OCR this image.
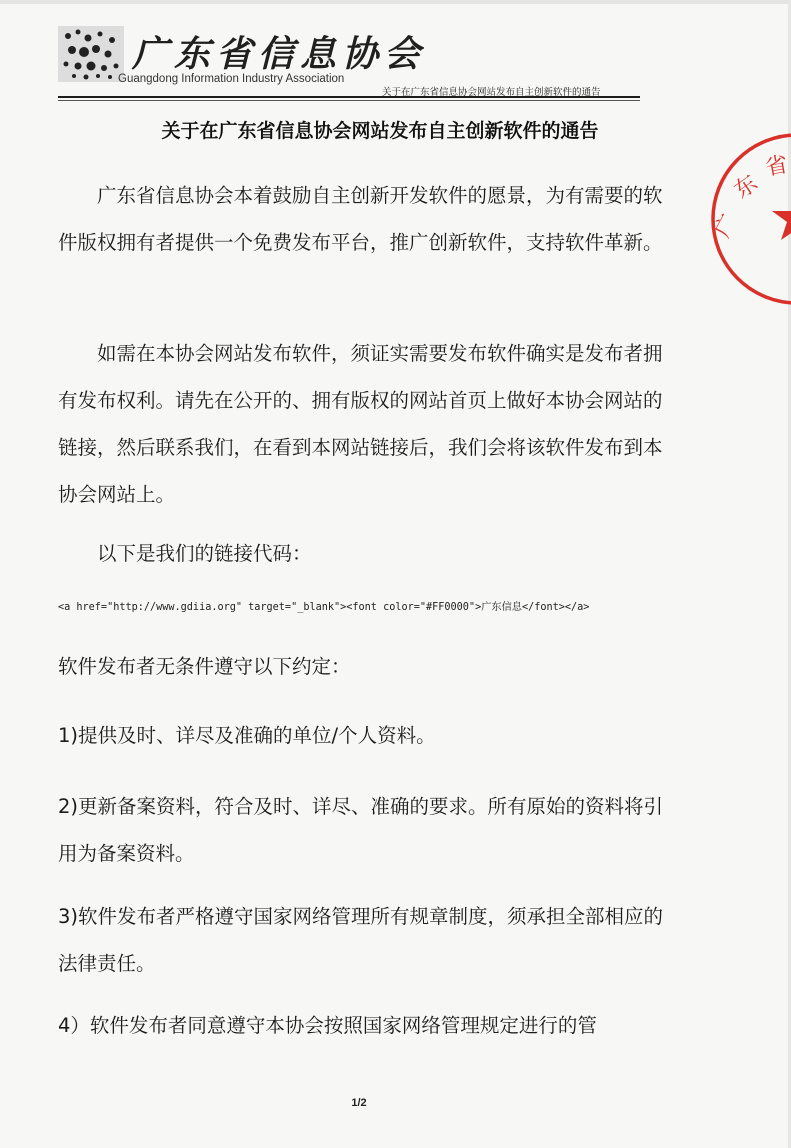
广东省信息协会
Guangdong Information Industry Association
关于在广东省信息协会网站发布自主创新软件的通告
广
东
省
关于在广东省信息协会网站发布自主创新软件的通告

广东省信息协会本着鼓励自主创新开发软件的愿景，为有需要的软件版权拥有者提供一个免费发布平台，推广创新软件，支持软件革新。

如需在本协会网站发布软件，须证实需要发布软件确实是发布者拥有发布权利。请先在公开的、拥有版权的网站首页上做好本协会网站的链接，然后联系我们，在看到本网站链接后，我们会将该软件发布到本协会网站上。

以下是我们的链接代码：

<a href="http://www.gdiia.org" target="_blank"><font color="#FF0000">广东信息</font></a>

软件发布者无条件遵守以下约定：

1)提供及时、详尽及准确的单位/个人资料。

2)更新备案资料，符合及时、详尽、准确的要求。所有原始的资料将引用为备案资料。

3)软件发布者严格遵守国家网络管理所有规章制度，须承担全部相应的法律责任。

4）软件发布者同意遵守本协会按照国家网络管理规定进行的管

1/2
